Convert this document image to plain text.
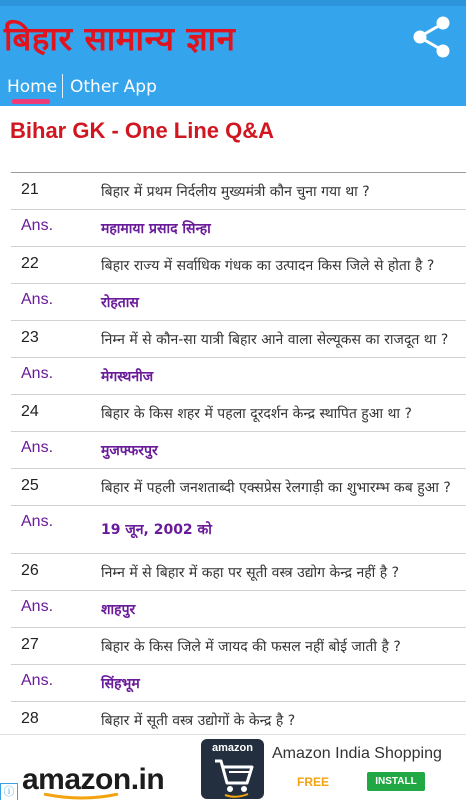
बिहार सामान्य ज्ञान
Home Other App
Bihar GK - One Line Q&A
21	बिहार में प्रथम निर्दलीय मुख्यमंत्री कौन चुना गया था ?
Ans.	महामाया प्रसाद सिन्हा
22	बिहार राज्य में सर्वाधिक गंधक का उत्पादन किस जिले से होता है ?
Ans.	रोहतास
23	निम्न में से कौन-सा यात्री बिहार आने वाला सेल्यूकस का राजदूत था ?
Ans.	मेगस्थनीज
24	बिहार के किस शहर में पहला दूरदर्शन केन्द्र स्थापित हुआ था ?
Ans.	मुजफ्फरपुर
25	बिहार में पहली जनशताब्दी एक्सप्रेस रेलगाड़ी का शुभारम्भ कब हुआ ?
Ans.	19 जून, 2002 को
26	निम्न में से बिहार में कहा पर सूती वस्त्र उद्योग केन्द्र नहीं है ?
Ans.	शाहपुर
27	बिहार के किस जिले में जायद की फसल नहीं बोई जाती है ?
Ans.	सिंहभूम
28	बिहार में सूती वस्त्र उद्योगों के केन्द्र है ?
amazon.in
ⓘ
amazon	Amazon India Shopping
FREE	INSTALL
